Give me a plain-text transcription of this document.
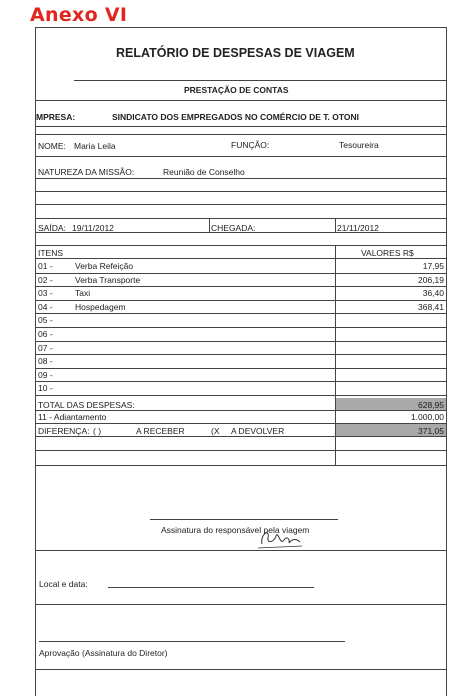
Anexo VI
RELATÓRIO DE DESPESAS DE VIAGEM
PRESTAÇÃO DE CONTAS
MPRESA:	SINDICATO DOS EMPREGADOS NO COMÉRCIO DE T. OTONI
NOME: Maria Leila	FUNÇÃO:	Tesoureira
NATUREZA DA MISSÃO:	Reunião de Conselho
SAÍDA: 19/11/2012	CHEGADA:	21/11/2012
ITENS	VALORES R$
01 -	Verba Refeição	17,95
02 -	Verba Transporte	206,19
03 -	Taxi	36,40
04 -	Hospedagem	368,41
05 -
06 -
07 -
08 -
09 -
10 -
TOTAL DAS DESPESAS:	628,95
11 - Adiantamento	1.000,00
DIFERENÇA: ( )	A RECEBER	(X A DEVOLVER	371,05
Assinatura do responsável pela viagem
Local e data:
Aprovação (Assinatura do Diretor)
